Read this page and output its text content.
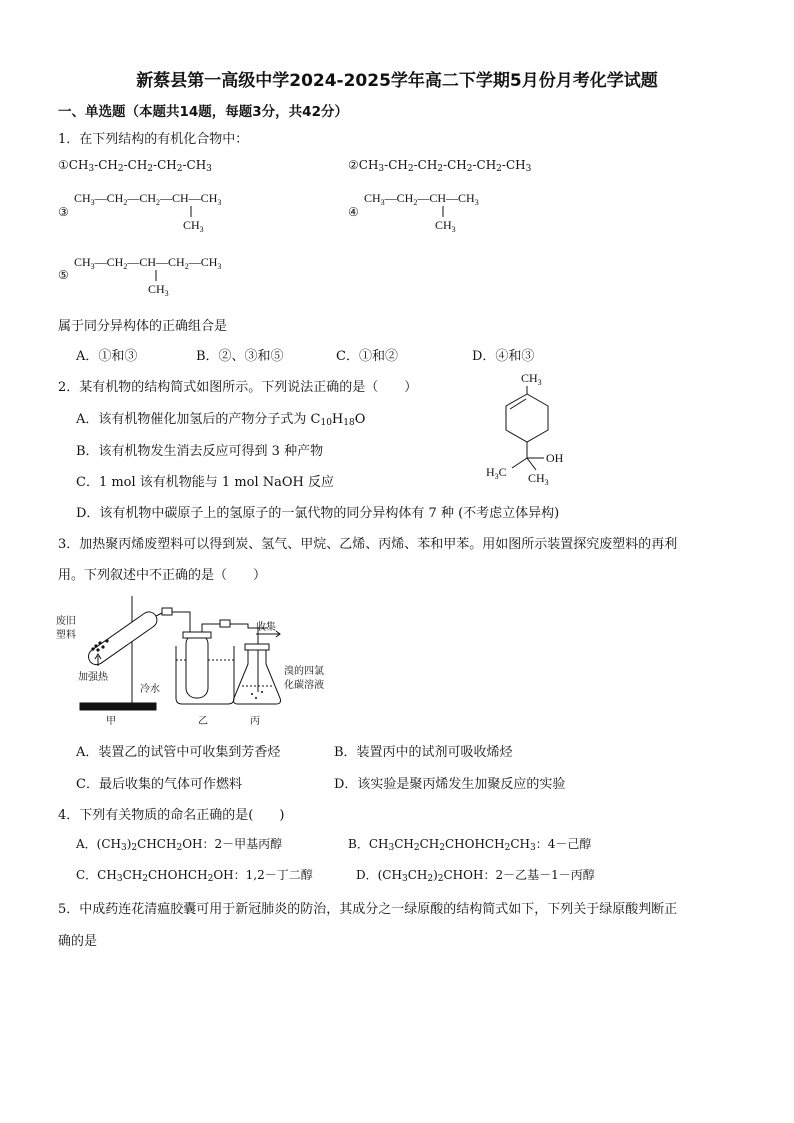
新蔡县第一高级中学2024-2025学年高二下学期5月份月考化学试题
一、单选题（本题共14题，每题3分，共42分）
1．在下列结构的有机化合物中：
$①CH_3-CH_2-CH_2-CH_2-CH_3$	$②CH_3-CH_2-CH_2-CH_2-CH_2-CH_3$
③
$CH_3—CH_2—CH_2—CH—CH_3$
$CH_3$
④
$CH_3—CH_2—CH—CH_3$
$CH_3$
⑤
$CH_3—CH_2—CH—CH_2—CH_3$
$CH_3$
属于同分异构体的正确组合是
A．①和③	B．②、③和⑤	C．①和②	D．④和③
2．某有机物的结构简式如图所示。下列说法正确的是（　　）
A．该有机物催化加氢后的产物分子式为 $C_{10}H_{18}O$
B．该有机物发生消去反应可得到 3 种产物
C．1 mol 该有机物能与 1 mol NaOH 反应
D．该有机物中碳原子上的氢原子的一氯代物的同分异构体有 7 种 (不考虑立体异构)
$CH_3$
OH
$H_3C$ $CH_3$
3．加热聚丙烯废塑料可以得到炭、氢气、甲烷、乙烯、丙烯、苯和甲苯。用如图所示装置探究废塑料的再利
用。下列叙述中不正确的是（　　）
废旧
塑料
加强热
收集
冷水
溴的四氯
化碳溶液
甲	乙	丙
A．装置乙的试管中可收集到芳香烃	B．装置丙中的试剂可吸收烯烃
C．最后收集的气体可作燃料	D．该实验是聚丙烯发生加聚反应的实验
4．下列有关物质的命名正确的是(　　)
A．$(CH_3)_2CHCH_2OH$：2－甲基丙醇	B．$CH_3CH_2CH_2CHOHCH_2CH_3$：4－己醇
C．$CH_3CH_2CHOHCH_2OH$：1,2－丁二醇	D．$(CH_3CH_2)_2CHOH$：2－乙基－1－丙醇
5．中成药连花清瘟胶囊可用于新冠肺炎的防治，其成分之一绿原酸的结构简式如下，下列关于绿原酸判断正
确的是
